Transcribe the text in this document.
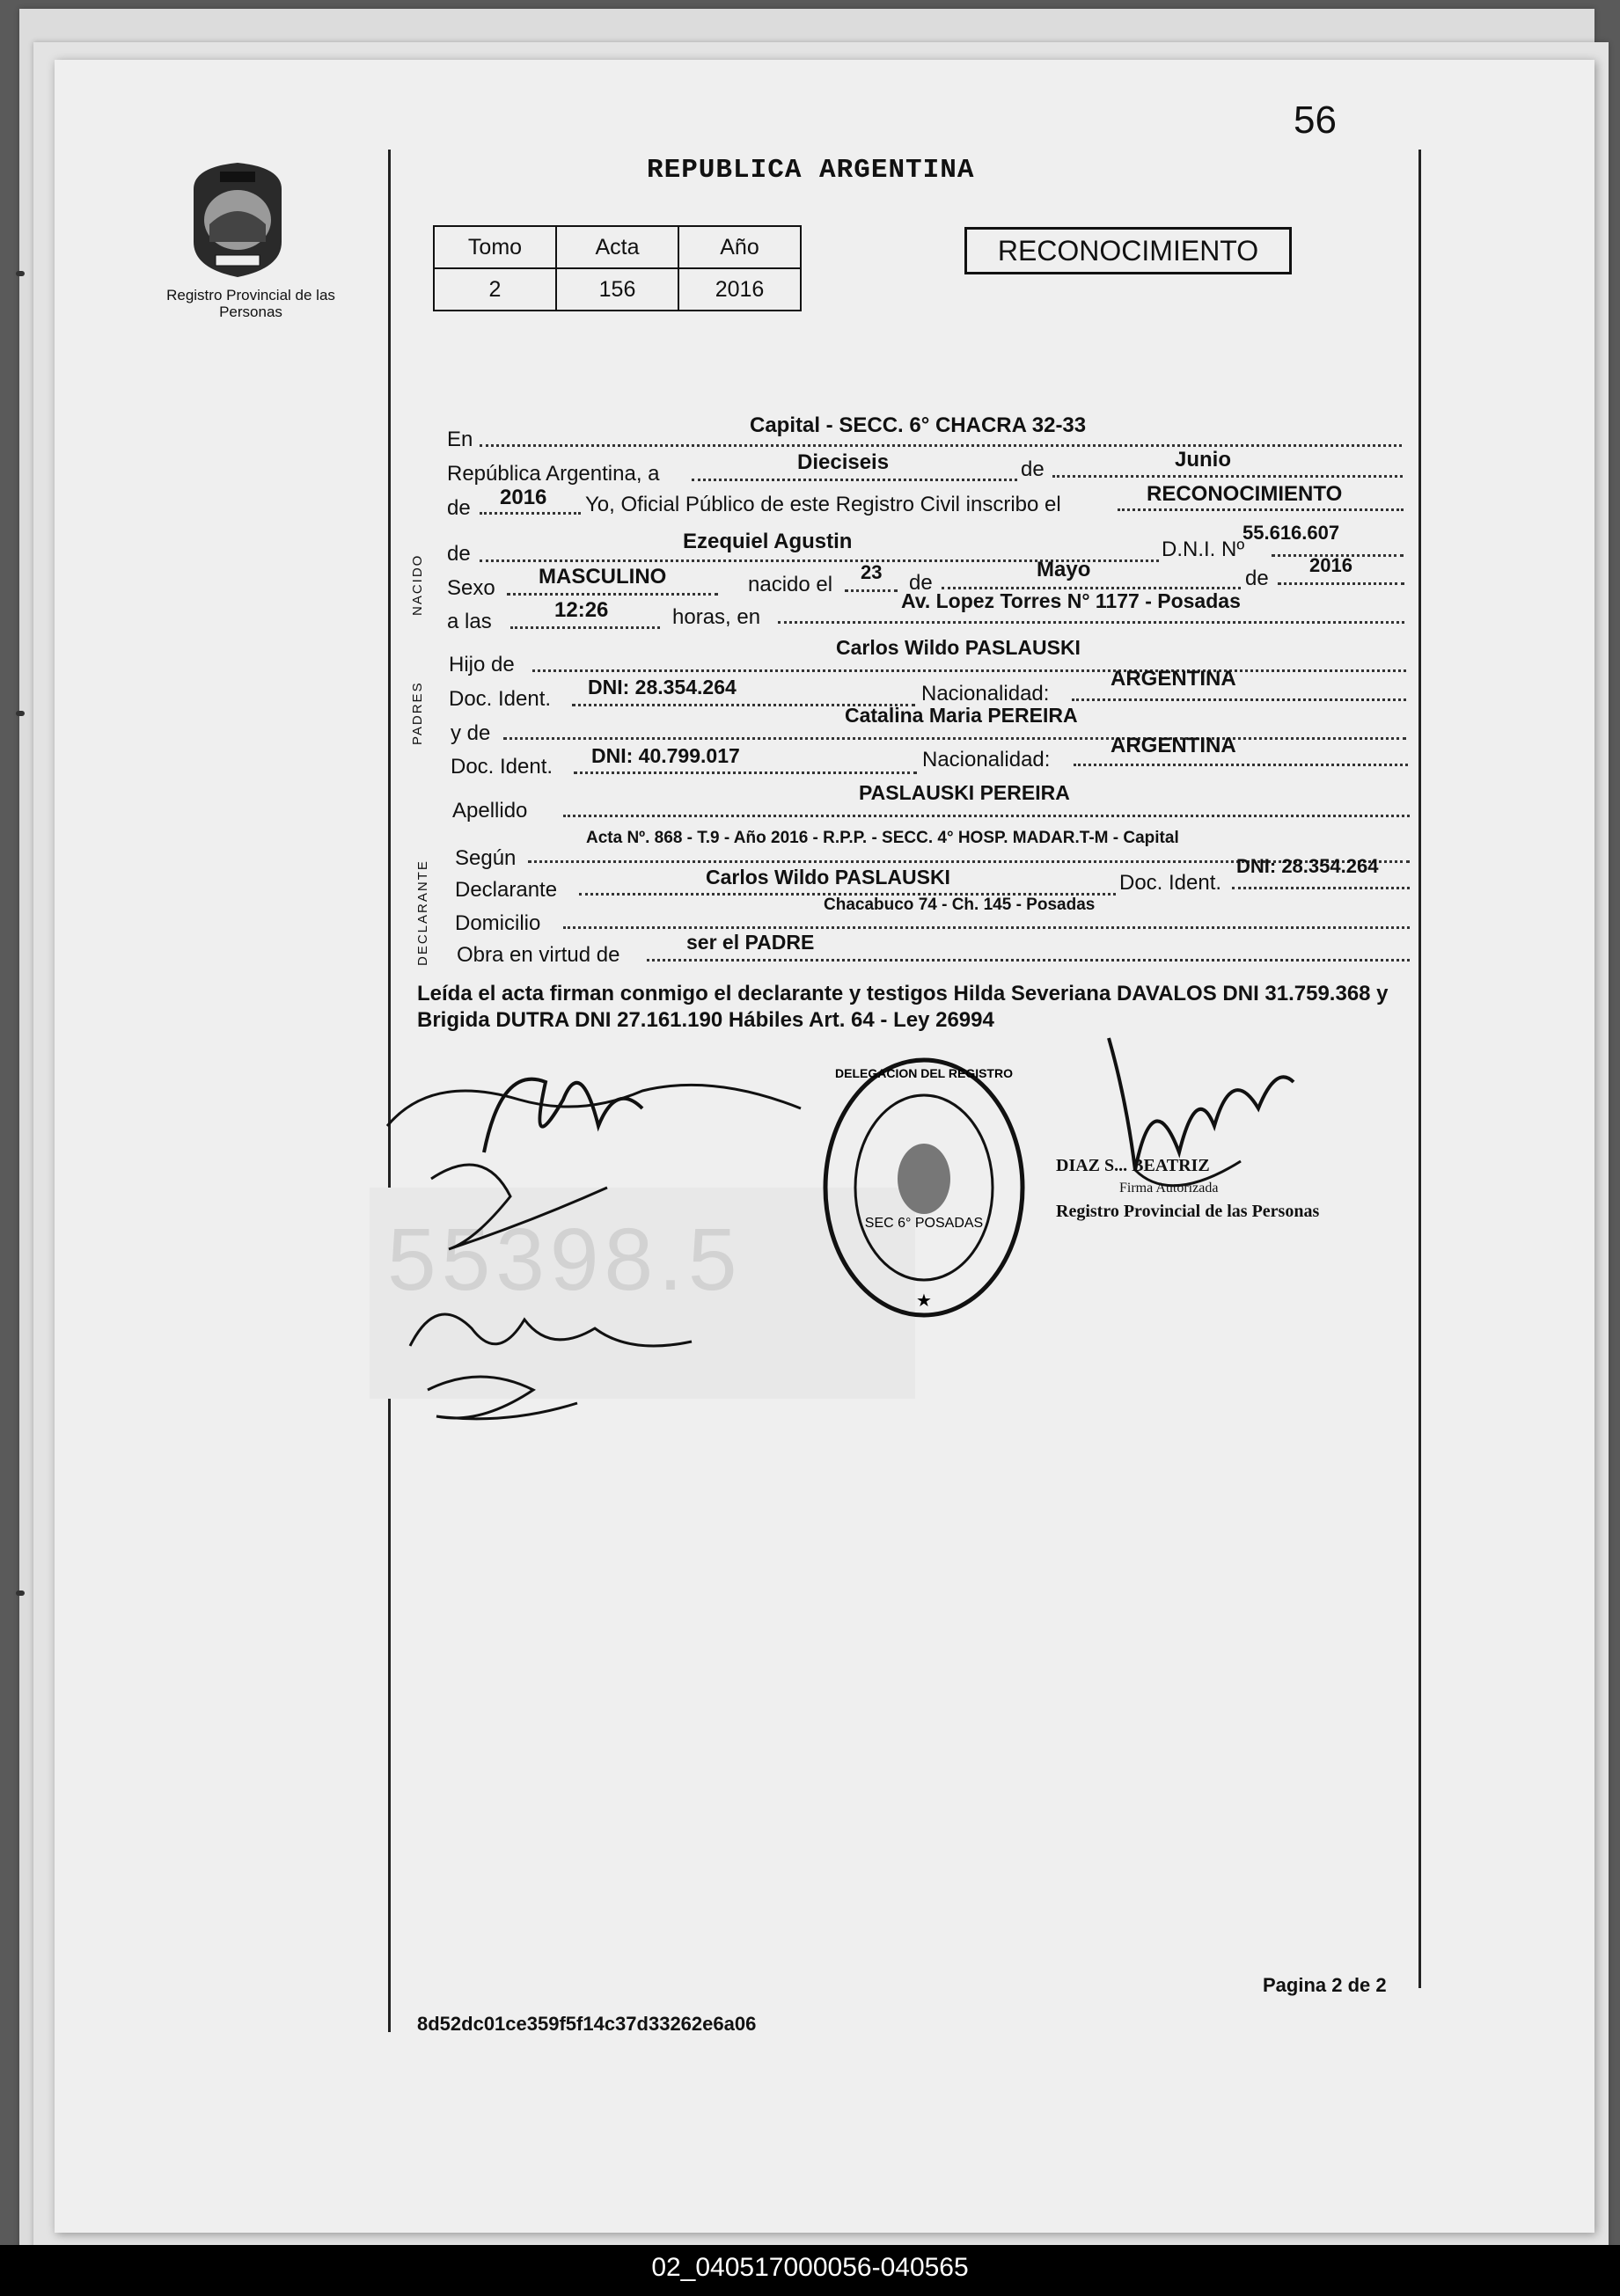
55398.5
56
REPUBLICA ARGENTINA
Registro Provincial de las Personas
Tomo	Acta	Año
2	156	2016
RECONOCIMIENTO
NACIDO
PADRES
DECLARANTE
En
Capital - SECC. 6° CHACRA 32-33
República Argentina, a	Dieciseis	de	Junio
de 2016 Yo, Oficial Público de este Registro Civil inscribo el	RECONOCIMIENTO
de
Ezequiel Agustin	D.N.I. Nº
55.616.607
Sexo MASCULINO	nacido el
23 de
Mayo	de
2016
a las	12:26	horas, en
Av. Lopez Torres N° 1177 - Posadas
Hijo de
Carlos Wildo PASLAUSKI
Doc. Ident. DNI: 28.354.264	Nacionalidad:
ARGENTINA
y de
Catalina Maria PEREIRA
Doc. Ident. DNI: 40.799.017	Nacionalidad:
ARGENTINA
Apellido
PASLAUSKI PEREIRA
Según
Acta Nº. 868 - T.9 - Año 2016 - R.P.P. - SECC. 4° HOSP. MADAR.T-M - Capital
Declarante
Carlos Wildo PASLAUSKI	Doc. Ident.
DNI: 28.354.264
Domicilio
Chacabuco 74 - Ch. 145 - Posadas
Obra en virtud de
ser el PADRE
Leída el acta firman conmigo el declarante y testigos Hilda Severiana DAVALOS DNI 31.759.368 y Brigida DUTRA DNI 27.161.190 Hábiles Art. 64 - Ley 26994
SEC 6° POSADAS
DELEGACION DEL REGISTRO
★
DIAZ S... BEATRIZ
Firma Autorizada
Registro Provincial de las Personas
Pagina 2 de 2
8d52dc01ce359f5f14c37d33262e6a06
02_040517000056-040565
